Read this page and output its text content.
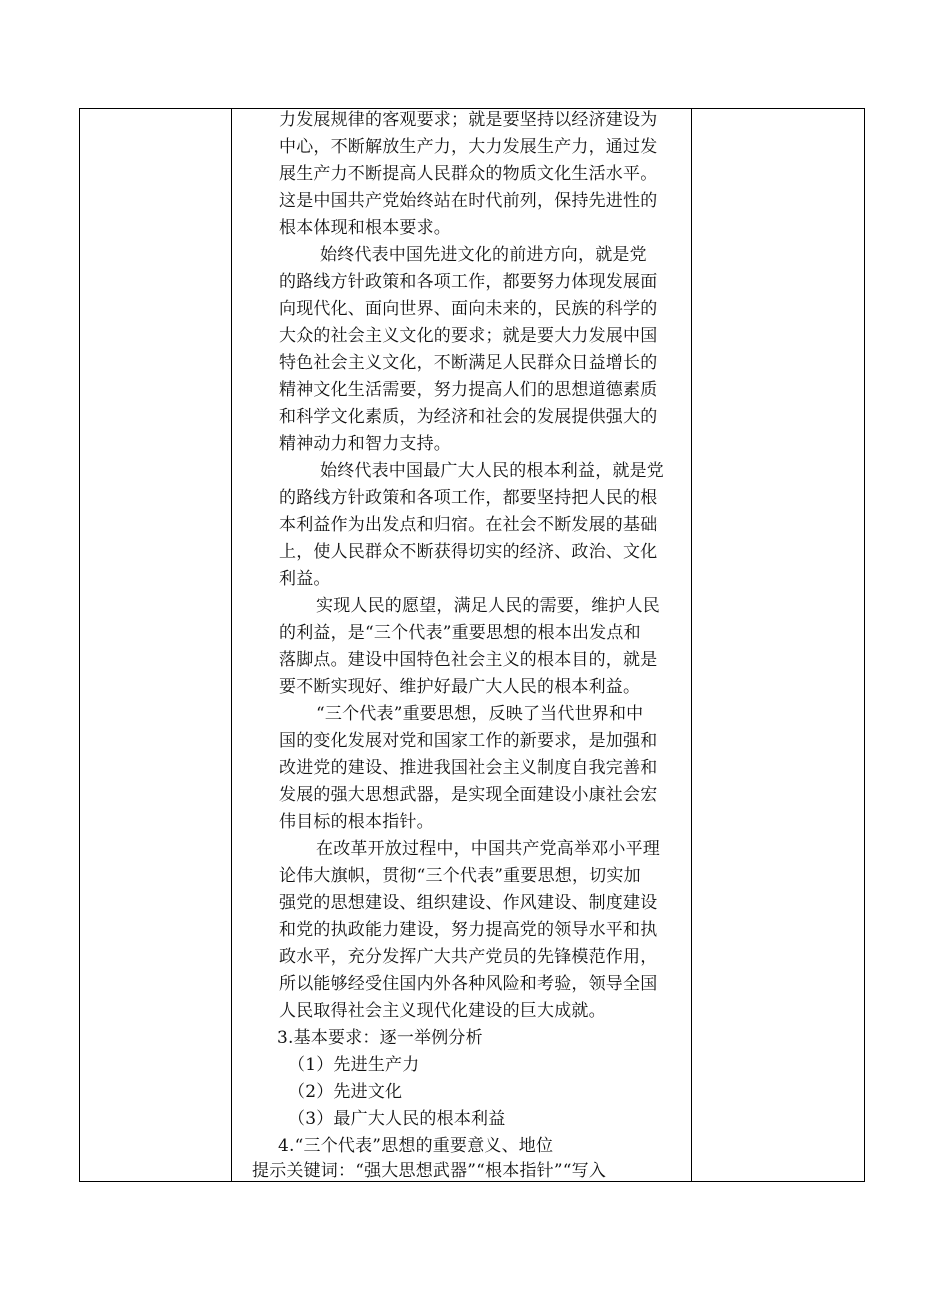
力发展规律的客观要求；就是要坚持以经济建设为
中心，不断解放生产力，大力发展生产力，通过发
展生产力不断提高人民群众的物质文化生活水平。
这是中国共产党始终站在时代前列，保持先进性的
根本体现和根本要求。
始终代表中国先进文化的前进方向，就是党
的路线方针政策和各项工作，都要努力体现发展面
向现代化、面向世界、面向未来的，民族的科学的
大众的社会主义文化的要求；就是要大力发展中国
特色社会主义文化，不断满足人民群众日益增长的
精神文化生活需要，努力提高人们的思想道德素质
和科学文化素质，为经济和社会的发展提供强大的
精神动力和智力支持。
始终代表中国最广大人民的根本利益，就是党
的路线方针政策和各项工作，都要坚持把人民的根
本利益作为出发点和归宿。在社会不断发展的基础
上，使人民群众不断获得切实的经济、政治、文化
利益。
实现人民的愿望，满足人民的需要，维护人民
的利益，是“三个代表”重要思想的根本出发点和
落脚点。建设中国特色社会主义的根本目的，就是
要不断实现好、维护好最广大人民的根本利益。
“三个代表”重要思想，反映了当代世界和中
国的变化发展对党和国家工作的新要求，是加强和
改进党的建设、推进我国社会主义制度自我完善和
发展的强大思想武器，是实现全面建设小康社会宏
伟目标的根本指针。
在改革开放过程中，中国共产党高举邓小平理
论伟大旗帜，贯彻“三个代表”重要思想，切实加
强党的思想建设、组织建设、作风建设、制度建设
和党的执政能力建设，努力提高党的领导水平和执
政水平，充分发挥广大共产党员的先锋模范作用，
所以能够经受住国内外各种风险和考验，领导全国
人民取得社会主义现代化建设的巨大成就。
3.基本要求：逐一举例分析
（1）先进生产力
（2）先进文化
（3）最广大人民的根本利益
4.“三个代表”思想的重要意义、地位
提示关键词：“强大思想武器”“根本指针”“写入
